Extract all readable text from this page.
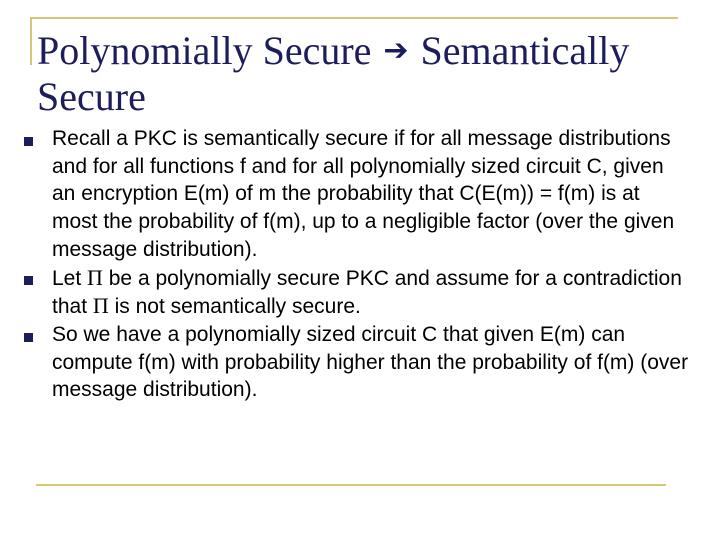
Polynomially Secure ➔ Semantically Secure
Recall a PKC is semantically secure if for all message distributions and for all functions f and for all polynomially sized circuit C, given an encryption E(m) of m the probability that C(E(m)) = f(m) is at most the probability of f(m), up to a negligible factor (over the given message distribution).
Let Π be a polynomially secure PKC and assume for a contradiction that Π is not semantically secure.
So we have a polynomially sized circuit C that given E(m) can compute f(m) with probability higher than the probability of f(m) (over message distribution).
